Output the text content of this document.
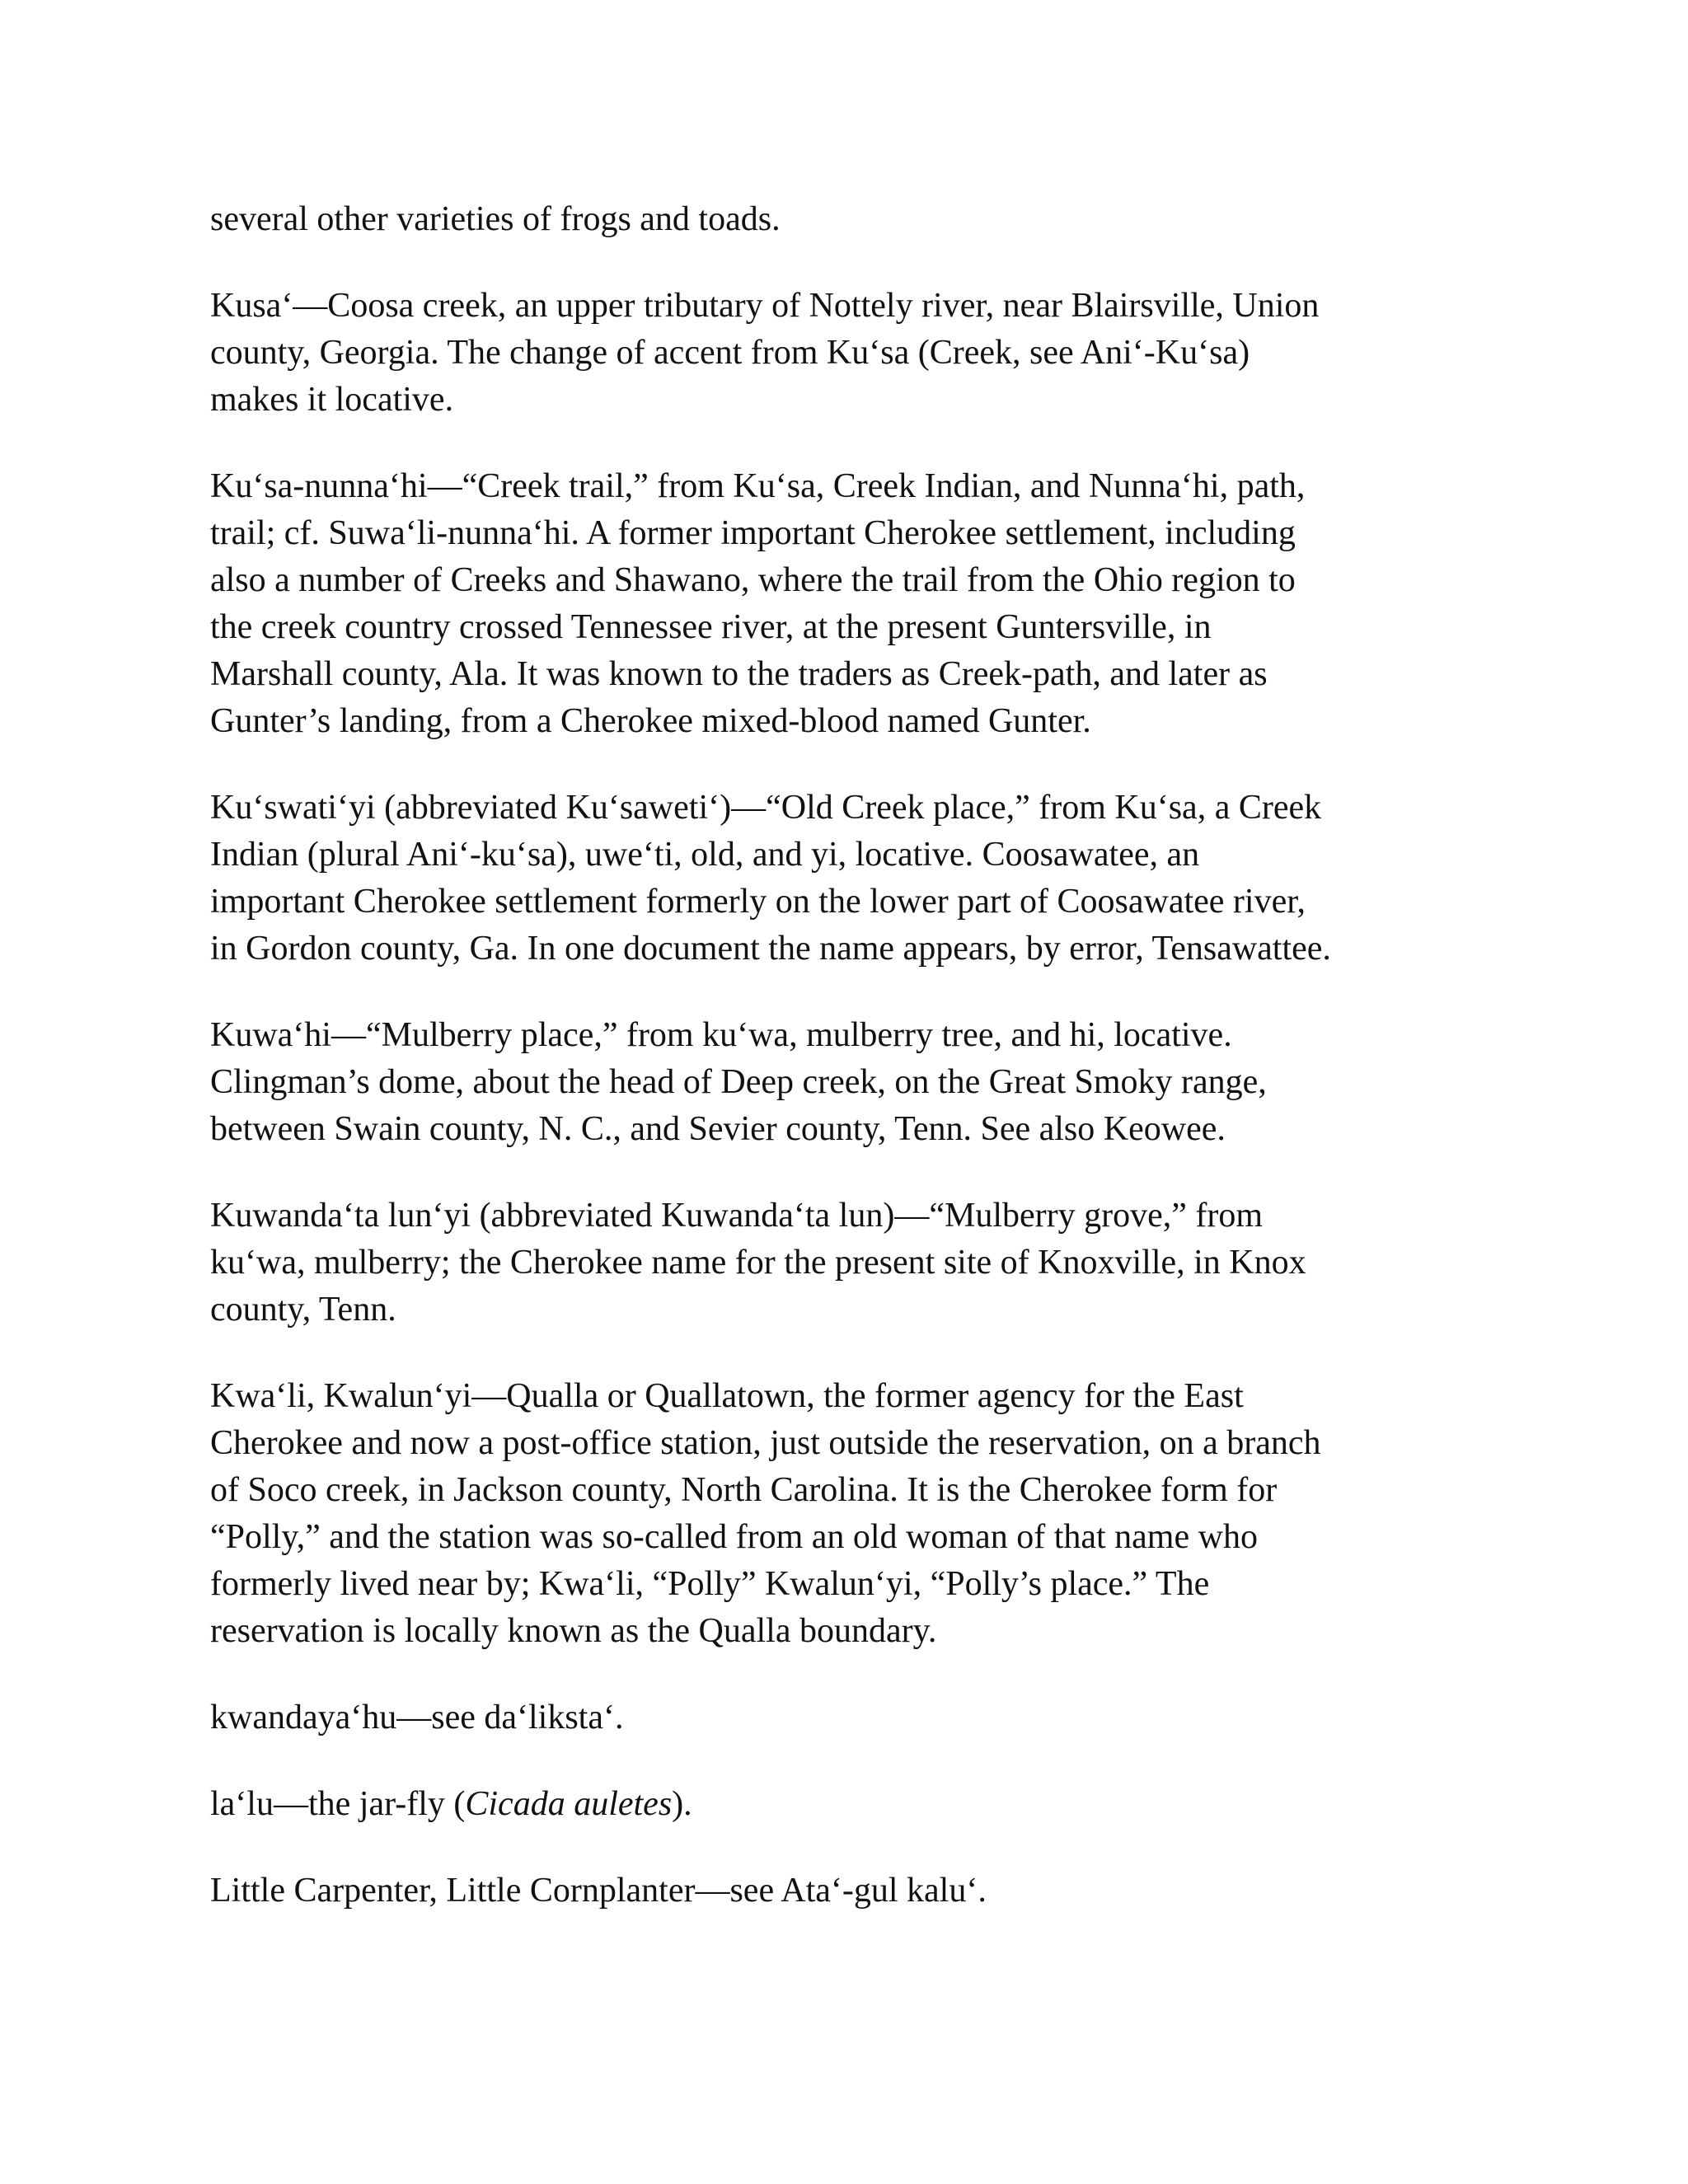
several other varieties of frogs and toads.

Kusa‘—Coosa creek, an upper tributary of Nottely river, near Blairsville, Union county, Georgia. The change of accent from Ku‘sa (Creek, see Ani‘-Ku‘sa) makes it locative.

Ku‘sa-nunna‘hi—“Creek trail,” from Ku‘sa, Creek Indian, and Nunna‘hi, path, trail; cf. Suwa‘li-nunna‘hi. A former important Cherokee settlement, including also a number of Creeks and Shawano, where the trail from the Ohio region to the creek country crossed Tennessee river, at the present Guntersville, in Marshall county, Ala. It was known to the traders as Creek-path, and later as Gunter’s landing, from a Cherokee mixed-blood named Gunter.

Ku‘swati‘yi (abbreviated Ku‘saweti‘)—“Old Creek place,” from Ku‘sa, a Creek Indian (plural Ani‘-ku‘sa), uwe‘ti, old, and yi, locative. Coosawatee, an important Cherokee settlement formerly on the lower part of Coosawatee river, in Gordon county, Ga. In one document the name appears, by error, Tensawattee.

Kuwa‘hi—“Mulberry place,” from ku‘wa, mulberry tree, and hi, locative. Clingman’s dome, about the head of Deep creek, on the Great Smoky range, between Swain county, N. C., and Sevier county, Tenn. See also Keowee.

Kuwanda‘ta lun‘yi (abbreviated Kuwanda‘ta lun)—“Mulberry grove,” from ku‘wa, mulberry; the Cherokee name for the present site of Knoxville, in Knox county, Tenn.

Kwa‘li, Kwalun‘yi—Qualla or Quallatown, the former agency for the East Cherokee and now a post-office station, just outside the reservation, on a branch of Soco creek, in Jackson county, North Carolina. It is the Cherokee form for “Polly,” and the station was so-called from an old woman of that name who formerly lived near by; Kwa‘li, “Polly” Kwalun‘yi, “Polly’s place.” The reservation is locally known as the Qualla boundary.

kwandaya‘hu—see da‘liksta‘.

la‘lu—the jar-fly (Cicada auletes).

Little Carpenter, Little Cornplanter—see Ata‘-gul kalu‘.
